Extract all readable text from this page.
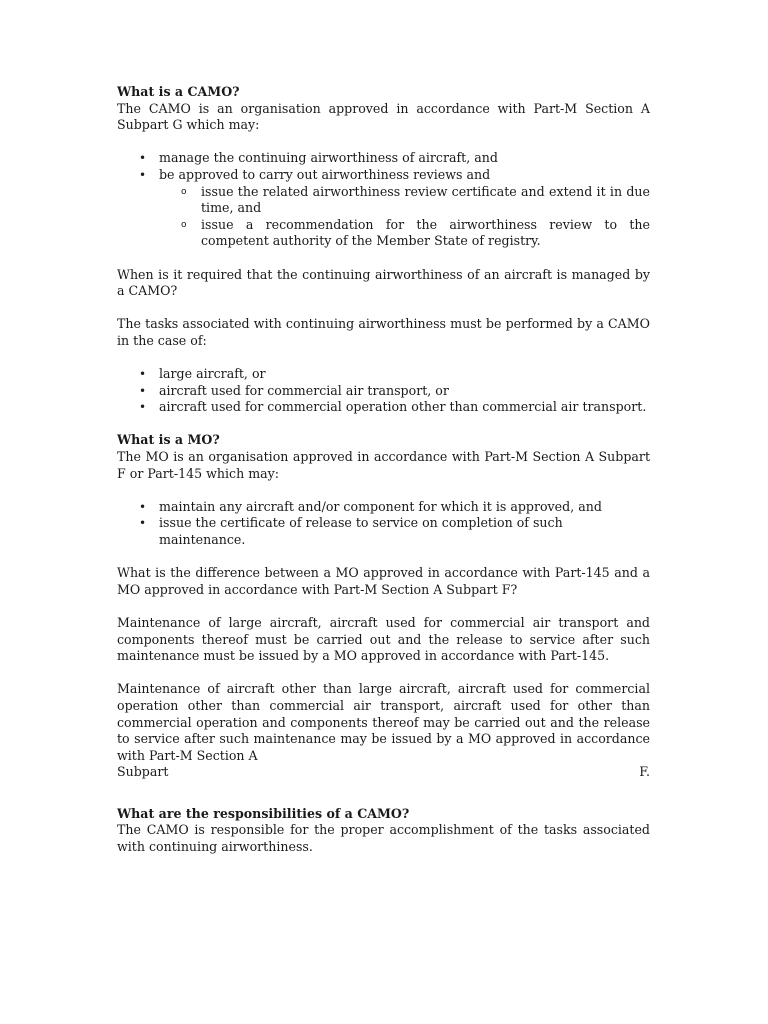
What is a CAMO?

The CAMO is an organisation approved in accordance with Part-M Section A Subpart G which may:

• manage the continuing airworthiness of aircraft, and
• be approved to carry out airworthiness reviews and
o issue the related airworthiness review certificate and extend it in due time, and
o issue a recommendation for the airworthiness review to the competent authority of the Member State of registry.

When is it required that the continuing airworthiness of an aircraft is managed by a CAMO?

The tasks associated with continuing airworthiness must be performed by a CAMO in the case of:

• large aircraft, or
• aircraft used for commercial air transport, or
• aircraft used for commercial operation other than commercial air transport.

What is a MO?

The MO is an organisation approved in accordance with Part-M Section A Subpart F or Part-145 which may:

• maintain any aircraft and/or component for which it is approved, and
• issue the certificate of release to service on completion of such maintenance.

What is the difference between a MO approved in accordance with Part-145 and a MO approved in accordance with Part-M Section A Subpart F?

Maintenance of large aircraft, aircraft used for commercial air transport and components thereof must be carried out and the release to service after such maintenance must be issued by a MO approved in accordance with Part-145.

Maintenance of aircraft other than large aircraft, aircraft used for commercial operation other than commercial air transport, aircraft used for other than commercial operation and components thereof may be carried out and the release to service after such maintenance may be issued by a MO approved in accordance with Part-M Section A

Subpart	F.

What are the responsibilities of a CAMO?

The CAMO is responsible for the proper accomplishment of the tasks associated with continuing airworthiness.
